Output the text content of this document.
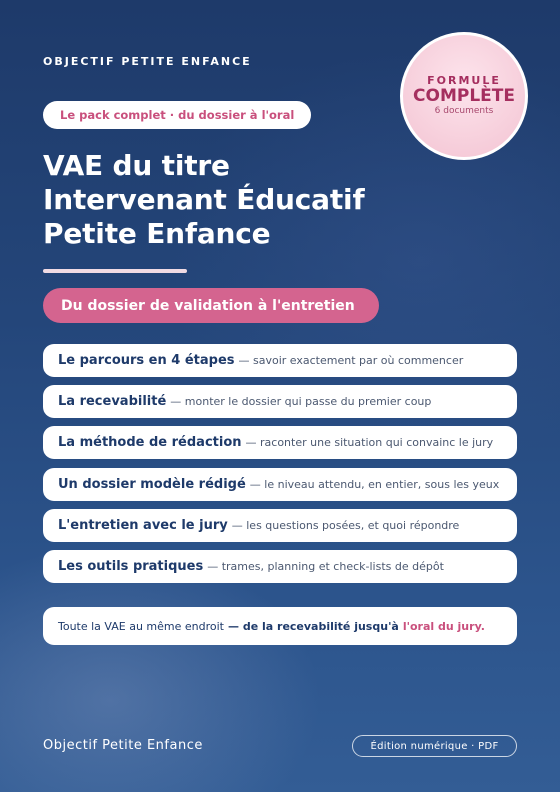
OBJECTIF PETITE ENFANCE
Le pack complet · du dossier à l'oral
FORMULE
COMPLÈTE
6 documents
VAE du titre
Intervenant Éducatif
Petite Enfance
Du dossier de validation à l'entretien
Le parcours en 4 étapes — savoir exactement par où commencer
La recevabilité — monter le dossier qui passe du premier coup
La méthode de rédaction — raconter une situation qui convainc le jury
Un dossier modèle rédigé — le niveau attendu, en entier, sous les yeux
L'entretien avec le jury — les questions posées, et quoi répondre
Les outils pratiques — trames, planning et check-lists de dépôt
Toute la VAE au même endroit — de la recevabilité jusqu'à l'oral du jury.
Objectif Petite Enfance	Édition numérique · PDF
